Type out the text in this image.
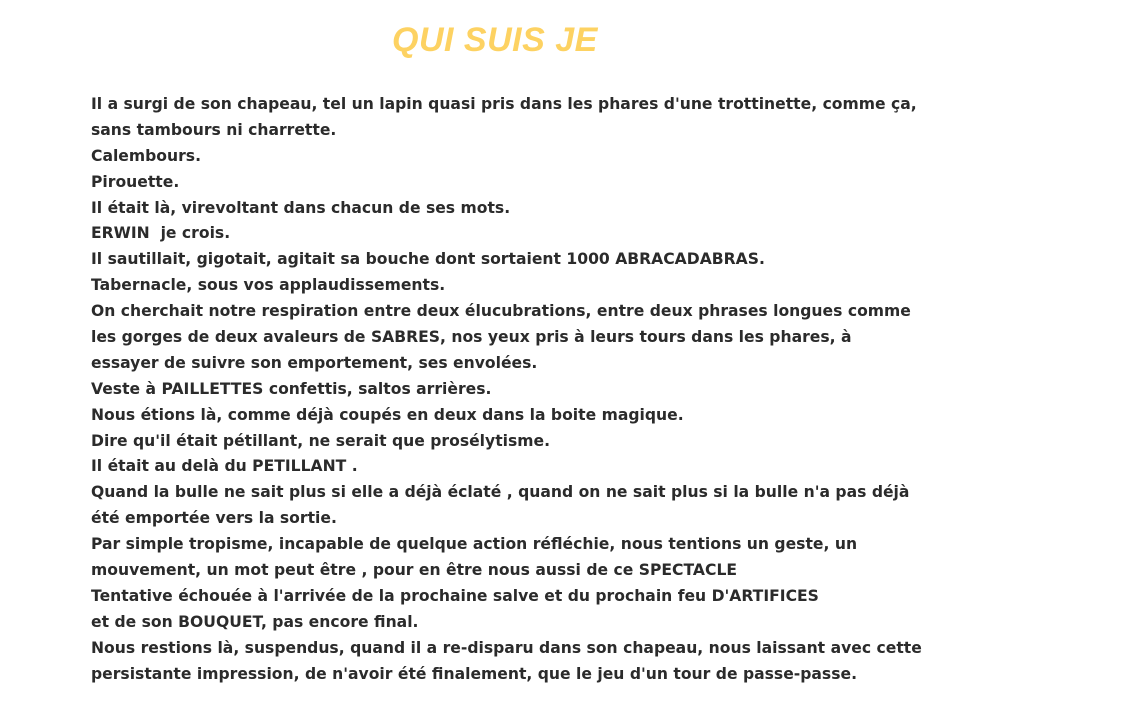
QUI SUIS JE
Il a surgi de son chapeau, tel un lapin quasi pris dans les phares d'une trottinette, comme ça,
sans tambours ni charrette.
Calembours.
Pirouette.
Il était là, virevoltant dans chacun de ses mots.
ERWIN  je crois.
Il sautillait, gigotait, agitait sa bouche dont sortaient 1000 ABRACADABRAS.
Tabernacle, sous vos applaudissements.
On cherchait notre respiration entre deux élucubrations, entre deux phrases longues comme
les gorges de deux avaleurs de SABRES, nos yeux pris à leurs tours dans les phares, à
essayer de suivre son emportement, ses envolées.
Veste à PAILLETTES confettis, saltos arrières.
Nous étions là, comme déjà coupés en deux dans la boite magique.
Dire qu'il était pétillant, ne serait que prosélytisme.
Il était au delà du PETILLANT .
Quand la bulle ne sait plus si elle a déjà éclaté , quand on ne sait plus si la bulle n'a pas déjà
été emportée vers la sortie.
Par simple tropisme, incapable de quelque action réfléchie, nous tentions un geste, un
mouvement, un mot peut être , pour en être nous aussi de ce SPECTACLE
Tentative échouée à l'arrivée de la prochaine salve et du prochain feu D'ARTIFICES
et de son BOUQUET, pas encore final.
Nous restions là, suspendus, quand il a re-disparu dans son chapeau, nous laissant avec cette
persistante impression, de n'avoir été finalement, que le jeu d'un tour de passe-passe.
